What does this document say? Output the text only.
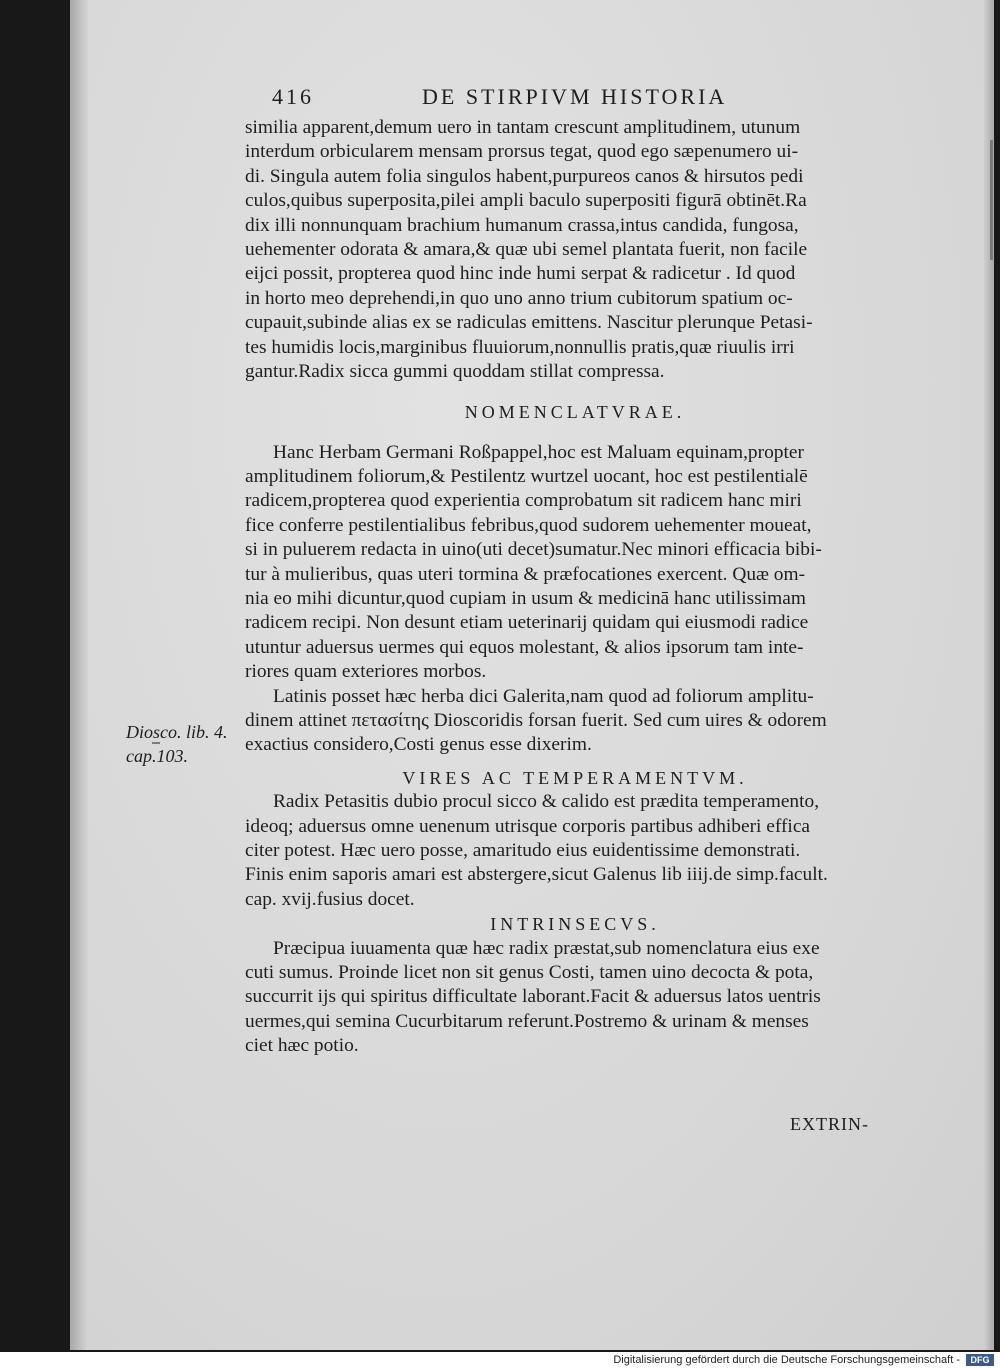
416	DE STIRPIVM HISTORIA
similia apparent,demum uero in tantam crescunt amplitudinem, utunum
interdum orbicularem mensam prorsus tegat, quod ego sæpenumero ui-
di. Singula autem folia singulos habent,purpureos canos & hirsutos pedi
culos,quibus superposita,pilei ampli baculo superpositi figurā obtinēt.Ra
dix illi nonnunquam brachium humanum crassa,intus candida, fungosa,
uehementer odorata & amara,& quæ ubi semel plantata fuerit, non facile
eijci possit, propterea quod hinc inde humi serpat & radicetur . Id quod
in horto meo deprehendi,in quo uno anno trium cubitorum spatium oc-
cupauit,subinde alias ex se radiculas emittens. Nascitur plerunque Petasi-
tes humidis locis,marginibus fluuiorum,nonnullis pratis,quæ riuulis irri
gantur.Radix sicca gummi quoddam stillat compressa.
NOMENCLATVRAE.
Hanc Herbam Germani Roßpappel,hoc est Maluam equinam,propter
amplitudinem foliorum,& Pestilentz wurtzel uocant, hoc est pestilentialē
radicem,propterea quod experientia comprobatum sit radicem hanc miri
fice conferre pestilentialibus febribus,quod sudorem uehementer moueat,
si in puluerem redacta in uino(uti decet)sumatur.Nec minori efficacia bibi-
tur à mulieribus, quas uteri tormina & præfocationes exercent. Quæ om-
nia eo mihi dicuntur,quod cupiam in usum & medicinā hanc utilissimam
radicem recipi. Non desunt etiam ueterinarij quidam qui eiusmodi radice
utuntur aduersus uermes qui equos molestant, & alios ipsorum tam inte-
riores quam exteriores morbos.
Latinis posset hæc herba dici Galerita,nam quod ad foliorum amplitu-
dinem attinet πετασίτης Dioscoridis forsan fuerit. Sed cum uires & odorem
exactius considero,Costi genus esse dixerim.
VIRES AC TEMPERAMENTVM.
Radix Petasitis dubio procul sicco & calido est prædita temperamento,
ideoq; aduersus omne uenenum utrisque corporis partibus adhiberi effica
citer potest. Hæc uero posse, amaritudo eius euidentissime demonstrati.
Finis enim saporis amari est abstergere,sicut Galenus lib iiij.de simp.facult.
cap. xvij.fusius docet.
INTRINSECVS.
Præcipua iuuamenta quæ hæc radix præstat,sub nomenclatura eius exe
cuti sumus. Proinde licet non sit genus Costi, tamen uino decocta & pota,
succurrit ijs qui spiritus difficultate laborant.Facit & aduersus latos uentris
uermes,qui semina Cucurbitarum referunt.Postremo & urinam & menses
ciet hæc potio.
Diosco. lib. 4.
cap.103.
EXTRIN-
Digitalisierung gefördert durch die Deutsche Forschungsgemeinschaft -	DFG
